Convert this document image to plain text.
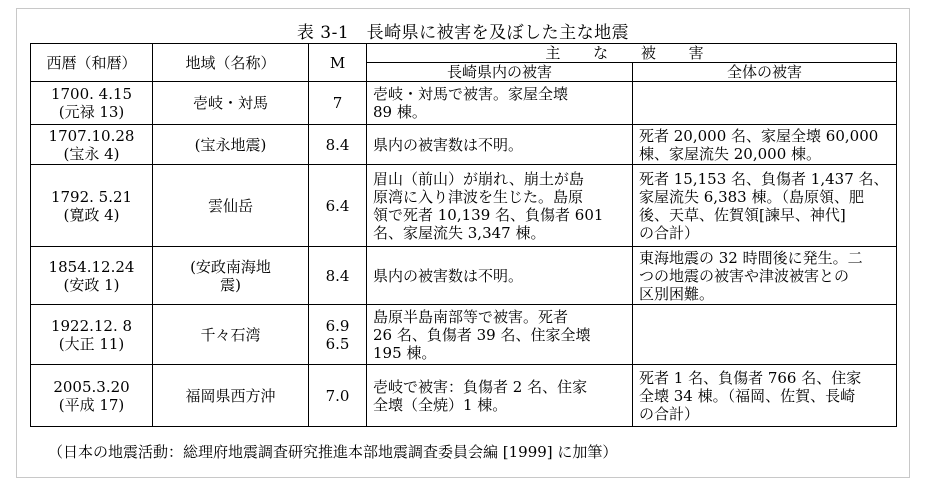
表 3-1　長崎県に被害を及ぼした主な地震
西暦（和暦）	地域（名称）	M	主 な 被 害	
			長崎県内の被害	全体の被害
1700. 4.15
(元禄 13)	壱岐・対馬	7	壱岐・対馬で被害。家屋全壊
89 棟。	
1707.10.28
(宝永 4)	(宝永地震)	8.4	県内の被害数は不明。	死者 20,000 名、家屋全壊 60,000
棟、家屋流失 20,000 棟。
1792. 5.21
(寛政 4)	雲仙岳	6.4	眉山（前山）が崩れ、崩土が島
原湾に入り津波を生じた。島原
領で死者 10,139 名、負傷者 601
名、家屋流失 3,347 棟。	死者 15,153 名、負傷者 1,437 名、
家屋流失 6,383 棟。（島原領、肥
後、天草、佐賀領[諫早、神代]
の合計）
1854.12.24
(安政 1)	(安政南海地
震)	8.4	県内の被害数は不明。	東海地震の 32 時間後に発生。二
つの地震の被害や津波被害との
区別困難。
1922.12. 8
(大正 11)	千々石湾	6.9
6.5	島原半島南部等で被害。死者
26 名、負傷者 39 名、住家全壊
195 棟。	
2005.3.20
(平成 17)	福岡県西方沖	7.0	壱岐で被害：負傷者 2 名、住家
全壊（全焼）1 棟。	死者 1 名、負傷者 766 名、住家
全壊 34 棟。（福岡、佐賀、長崎
の合計）
（日本の地震活動：総理府地震調査研究推進本部地震調査委員会編 [1999] に加筆）
